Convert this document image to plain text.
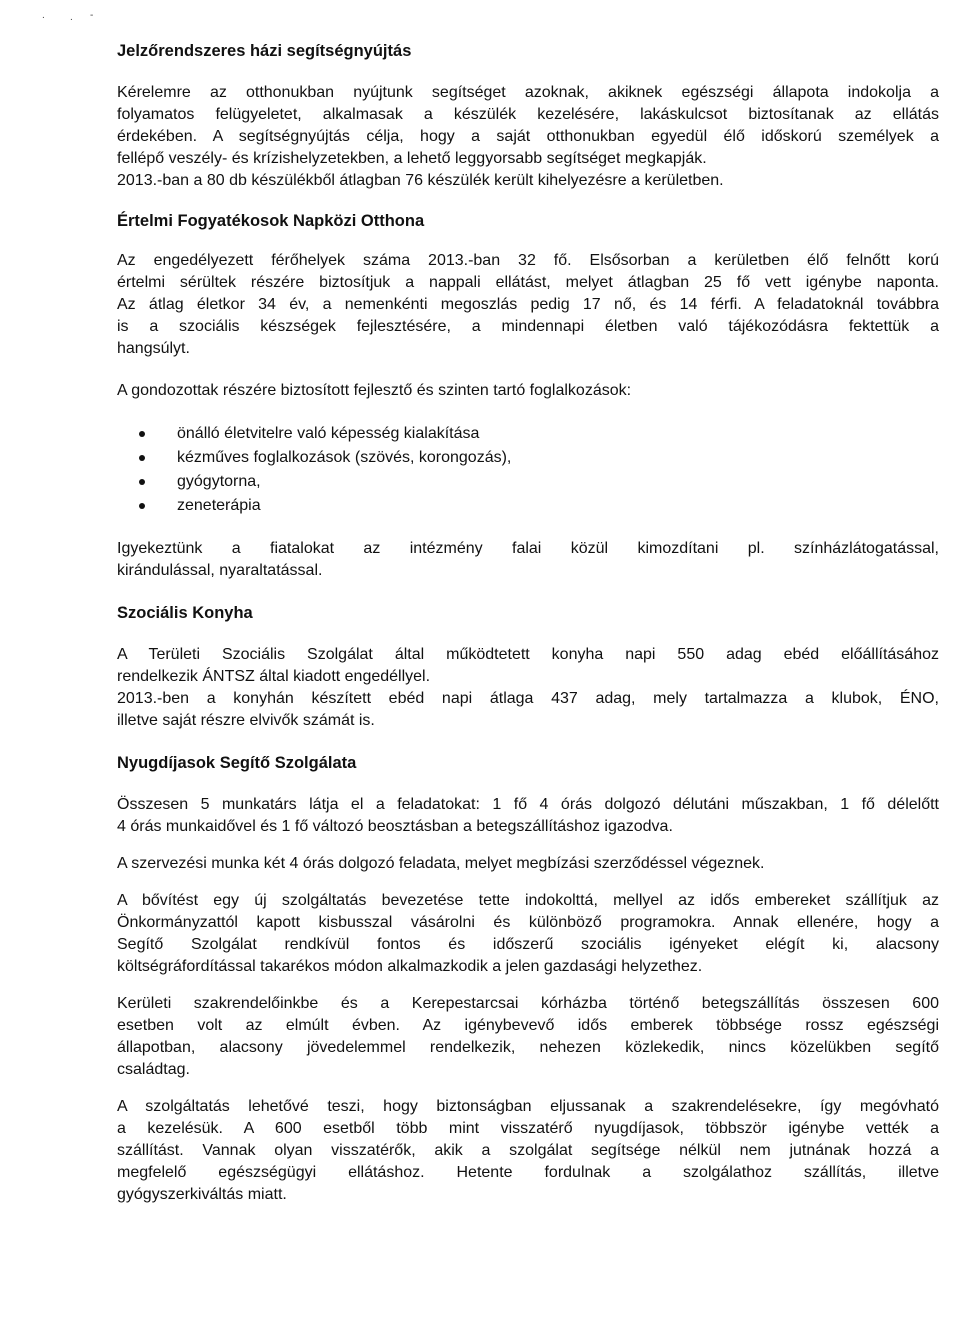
.	. -
Jelzőrendszeres házi segítségnyújtás
Kérelemre az otthonukban nyújtunk segítséget azoknak, akiknek egészségi állapota indokolja a
folyamatos felügyeletet, alkalmasak a készülék kezelésére, lakáskulcsot biztosítanak az ellátás
érdekében. A segítségnyújtás célja, hogy a saját otthonukban egyedül élő időskorú személyek a
fellépő veszély- és krízishelyzetekben, a lehető leggyorsabb segítséget megkapják.
2013.-ban a 80 db készülékből átlagban 76 készülék került kihelyezésre a kerületben.
Értelmi Fogyatékosok Napközi Otthona
Az engedélyezett férőhelyek száma 2013.-ban 32 fő. Elsősorban a kerületben élő felnőtt korú
értelmi sérültek részére biztosítjuk a nappali ellátást, melyet átlagban 25 fő vett igénybe naponta.
Az átlag életkor 34 év, a nemenkénti megoszlás pedig 17 nő, és 14 férfi. A feladatoknál továbbra
is a szociális készségek fejlesztésére, a mindennapi életben való tájékozódásra fektettük a
hangsúlyt.

A gondozottak részére biztosított fejlesztő és szinten tartó foglalkozások:

önálló életvitelre való képesség kialakítása
kézműves foglalkozások (szövés, korongozás),
gyógytorna,
zeneterápia
Igyekeztünk a fiatalokat az intézmény falai közül kimozdítani pl. színházlátogatással,
kirándulással, nyaraltatással.
Szociális Konyha
A Területi Szociális Szolgálat által működtetett konyha napi 550 adag ebéd előállításához
rendelkezik ÁNTSZ által kiadott engedéllyel.
2013.-ben a konyhán készített ebéd napi átlaga 437 adag, mely tartalmazza a klubok, ÉNO,
illetve saját részre elvivők számát is.
Nyugdíjasok Segítő Szolgálata
Összesen 5 munkatárs látja el a feladatokat: 1 fő 4 órás dolgozó délutáni műszakban, 1 fő délelőtt
4 órás munkaidővel és 1 fő változó beosztásban a betegszállításhoz igazodva.
A szervezési munka két 4 órás dolgozó feladata, melyet megbízási szerződéssel végeznek.
A bővítést egy új szolgáltatás bevezetése tette indokolttá, mellyel az idős embereket szállítjuk az
Önkormányzattól kapott kisbusszal vásárolni és különböző programokra. Annak ellenére, hogy a
Segítő Szolgálat rendkívül fontos és időszerű szociális igényeket elégít ki, alacsony
költségráfordítással takarékos módon alkalmazkodik a jelen gazdasági helyzethez.
Kerületi szakrendelőinkbe és a Kerepestarcsai kórházba történő betegszállítás összesen 600
esetben volt az elmúlt évben. Az igénybevevő idős emberek többsége rossz egészségi
állapotban, alacsony jövedelemmel rendelkezik, nehezen közlekedik, nincs közelükben segítő
családtag.
A szolgáltatás lehetővé teszi, hogy biztonságban eljussanak a szakrendelésekre, így megóvható
a kezelésük. A 600 esetből több mint visszatérő nyugdíjasok, többször igénybe vették a
szállítást. Vannak olyan visszatérők, akik a szolgálat segítsége nélkül nem jutnának hozzá a
megfelelő egészségügyi ellátáshoz. Hetente fordulnak a szolgálathoz szállítás, illetve
gyógyszerkiváltás miatt.
